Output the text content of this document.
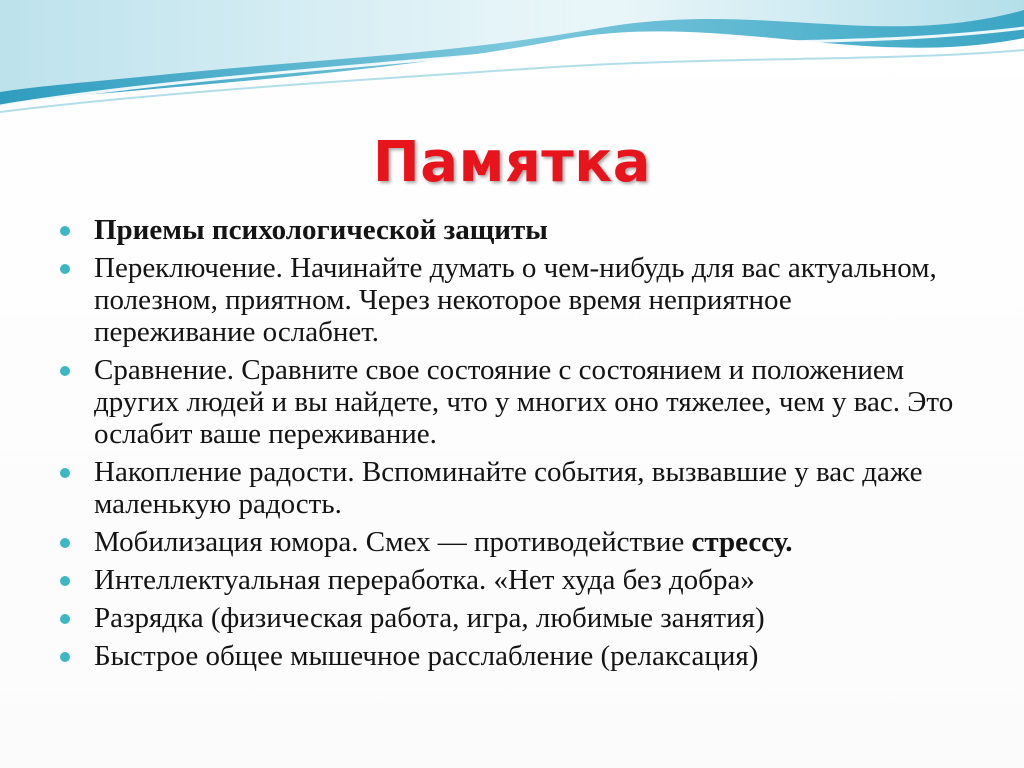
Памятка
Приемы психологической защиты
Переключение. Начинайте думать о чем-нибудь для вас актуальном, полезном, приятном. Через некоторое время неприятное переживание ослабнет.
Сравнение. Сравните свое состояние с состоянием и положением других людей и вы найдете, что у многих оно тяжелее, чем у вас. Это ослабит ваше переживание.
Накопление радости. Вспоминайте события, вызвавшие у вас даже маленькую радость.
Мобилизация юмора. Смех — противодействие стрессу.
Интеллектуальная переработка. «Нет худа без добра»
Разрядка (физическая работа, игра, любимые занятия)
Быстрое общее мышечное расслабление (релаксация)
